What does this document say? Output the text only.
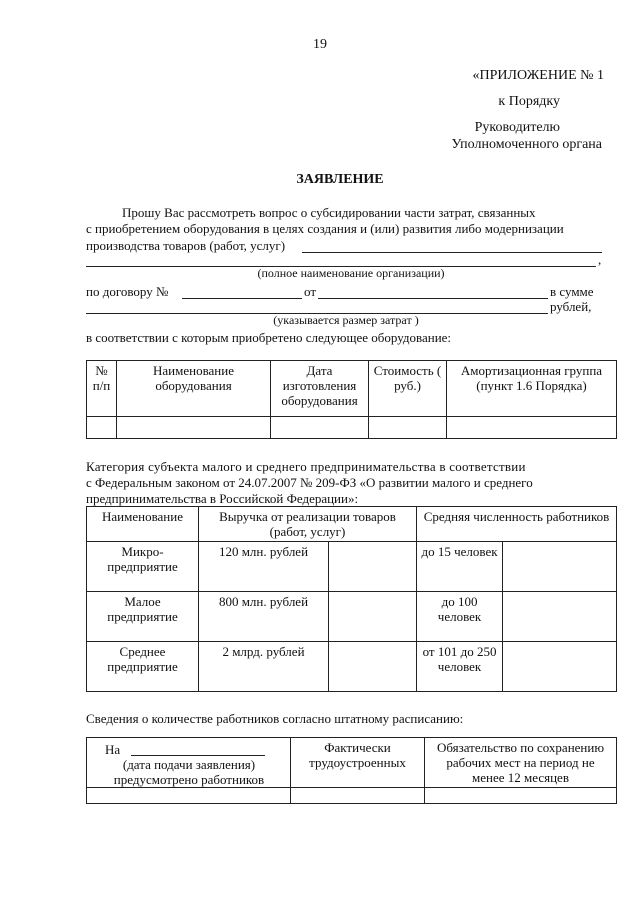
19
«ПРИЛОЖЕНИЕ № 1
к Порядку
Руководителю
Уполномоченного органа
ЗАЯВЛЕНИЕ
Прошу Вас рассмотреть вопрос о субсидировании части затрат, связанных
с приобретением оборудования в целях создания и (или) развития либо модернизации
производства товаров (работ, услуг)
,
(полное наименование организации)
по договору №	от	в сумме
рублей,
(указывается размер затрат )
в соответствии с которым приобретено следующее оборудование:
№ п/п	Наименование оборудования	Дата изготовления оборудования	Стоимость ( руб.)	Амортизационная группа (пункт 1.6 Порядка)

Категория субъекта малого и среднего предпринимательства в соответствии
с Федеральным законом от 24.07.2007 № 209-ФЗ «О развитии малого и среднего
предпринимательства в Российской Федерации»:
Наименование	Выручка от реализации товаров (работ, услуг)		Средняя численность работников	
Микро-предприятие	120 млн. рублей		до 15 человек	
Малое предприятие	800 млн. рублей		до 100 человек	
Среднее предприятие	2 млрд. рублей		от 101 до 250 человек	
Сведения о количестве работников согласно штатному расписанию:
На
(дата подачи заявления)
предусмотрено работников	Фактически трудоустроенных	Обязательство по сохранению рабочих мест на период не менее 12 месяцев
